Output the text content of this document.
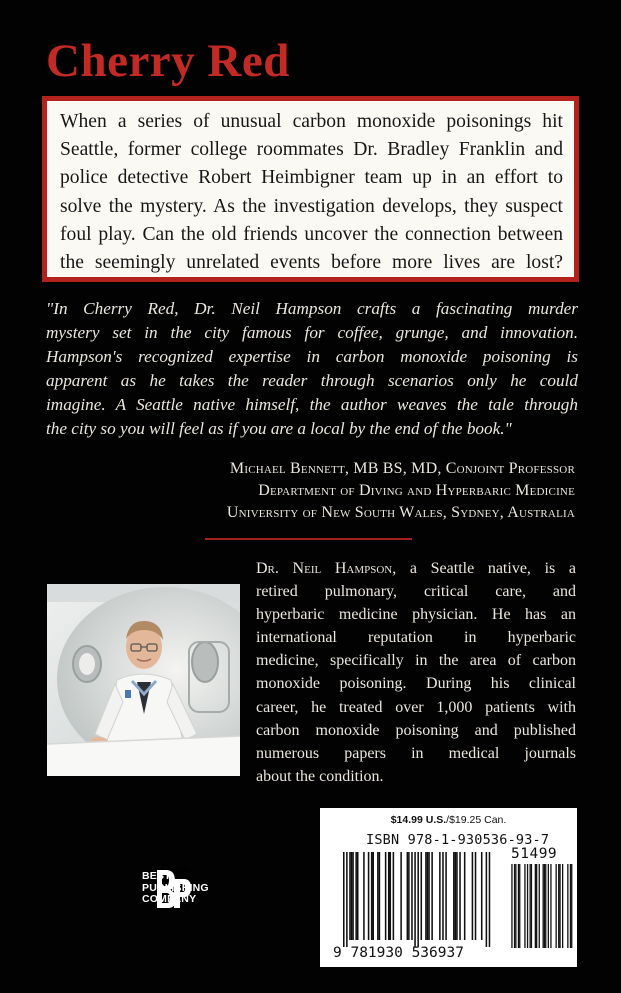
Cherry Red
When a series of unusual carbon monoxide poisonings hit
Seattle, former college roommates Dr. Bradley Franklin and
police detective Robert Heimbigner team up in an effort to
solve the mystery. As the investigation develops, they suspect
foul play. Can the old friends uncover the connection between
the seemingly unrelated events before more lives are lost?
"In Cherry Red, Dr. Neil Hampson crafts a fascinating murder
mystery set in the city famous for coffee, grunge, and innovation.
Hampson's recognized expertise in carbon monoxide poisoning is
apparent as he takes the reader through scenarios only he could
imagine. A Seattle native himself, the author weaves the tale through
the city so you will feel as if you are a local by the end of the book."
Michael Bennett, MB BS, MD, Conjoint Professor
Department of Diving and Hyperbaric Medicine
University of New South Wales, Sydney, Australia
Dr. Neil Hampson, a Seattle native, is a
retired pulmonary, critical care, and
hyperbaric medicine physician. He has an
international reputation in hyperbaric
medicine, specifically in the area of carbon
monoxide poisoning. During his clinical
career, he treated over 1,000 patients with
carbon monoxide poisoning and published
numerous papers in medical journals
about the condition.
BEST
PUBLISHING
COMPANY
$14.99 U.S./$19.25 Can.
ISBN 978-1-930536-93-7
51499
9 781930 536937
